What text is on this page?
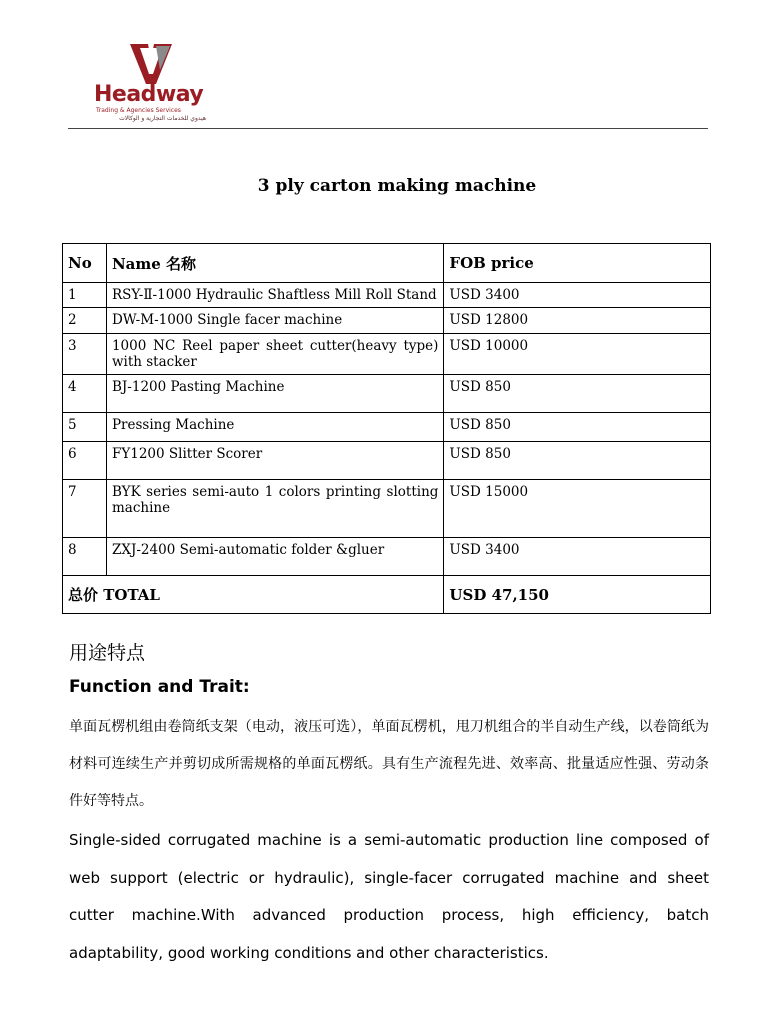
Headway
Trading & Agencies Services
هيدوي للخدمات التجارية و الوكالات
3 ply carton making machine
No	Name 名称	FOB price
1	RSY-Ⅱ-1000 Hydraulic Shaftless Mill Roll Stand	USD 3400
2	DW-M-1000 Single facer machine	USD 12800
3	1000 NC Reel paper sheet cutter(heavy type) with stacker	USD 10000
4	BJ-1200 Pasting Machine	USD 850
5	Pressing Machine	USD 850
6	FY1200 Slitter Scorer	USD 850
7	BYK series semi-auto 1 colors printing slotting machine	USD 15000
8	ZXJ-2400 Semi-automatic folder &gluer	USD 3400
总价 TOTAL		USD 47,150
用途特点
Function and Trait:
单面瓦楞机组由卷筒纸支架（电动，液压可选），单面瓦楞机，甩刀机组合的半自动生产线，以卷筒纸为材料可连续生产并剪切成所需规格的单面瓦楞纸。具有生产流程先进、效率高、批量适应性强、劳动条件好等特点。
Single-sided corrugated machine is a semi-automatic production line composed of web support (electric or hydraulic), single-facer corrugated machine and sheet cutter machine.With advanced production process, high efficiency, batch adaptability, good working conditions and other characteristics.
